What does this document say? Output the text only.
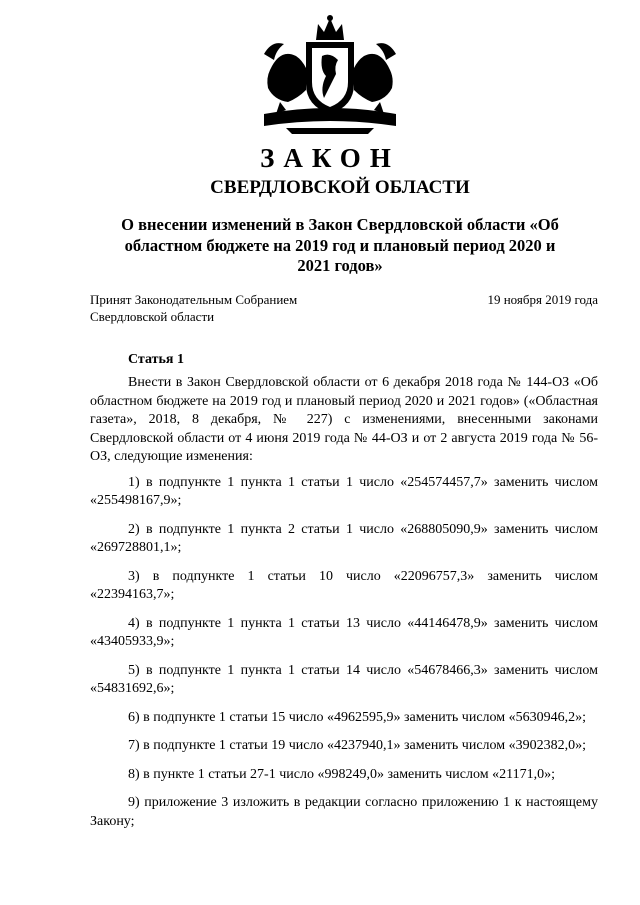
ЗАКОН
СВЕРДЛОВСКОЙ ОБЛАСТИ
О внесении изменений в Закон Свердловской области «Об областном бюджете на 2019 год и плановый период 2020 и 2021 годов»
Принят Законодательным Собранием Свердловской области
19 ноября 2019 года
Статья 1

Внести в Закон Свердловской области от 6 декабря 2018 года № 144-ОЗ «Об областном бюджете на 2019 год и плановый период 2020 и 2021 годов» («Областная газета», 2018, 8 декабря, № 227) с изменениями, внесенными законами Свердловской области от 4 июня 2019 года № 44-ОЗ и от 2 августа 2019 года № 56-ОЗ, следующие изменения:

1) в подпункте 1 пункта 1 статьи 1 число «254574457,7» заменить числом «255498167,9»;

2) в подпункте 1 пункта 2 статьи 1 число «268805090,9» заменить числом «269728801,1»;

3) в подпункте 1 статьи 10 число «22096757,3» заменить числом «22394163,7»;

4) в подпункте 1 пункта 1 статьи 13 число «44146478,9» заменить числом «43405933,9»;

5) в подпункте 1 пункта 1 статьи 14 число «54678466,3» заменить числом «54831692,6»;

6) в подпункте 1 статьи 15 число «4962595,9» заменить числом «5630946,2»;

7) в подпункте 1 статьи 19 число «4237940,1» заменить числом «3902382,0»;

8) в пункте 1 статьи 27-1 число «998249,0» заменить числом «21171,0»;

9) приложение 3 изложить в редакции согласно приложению 1 к настоящему Закону;
